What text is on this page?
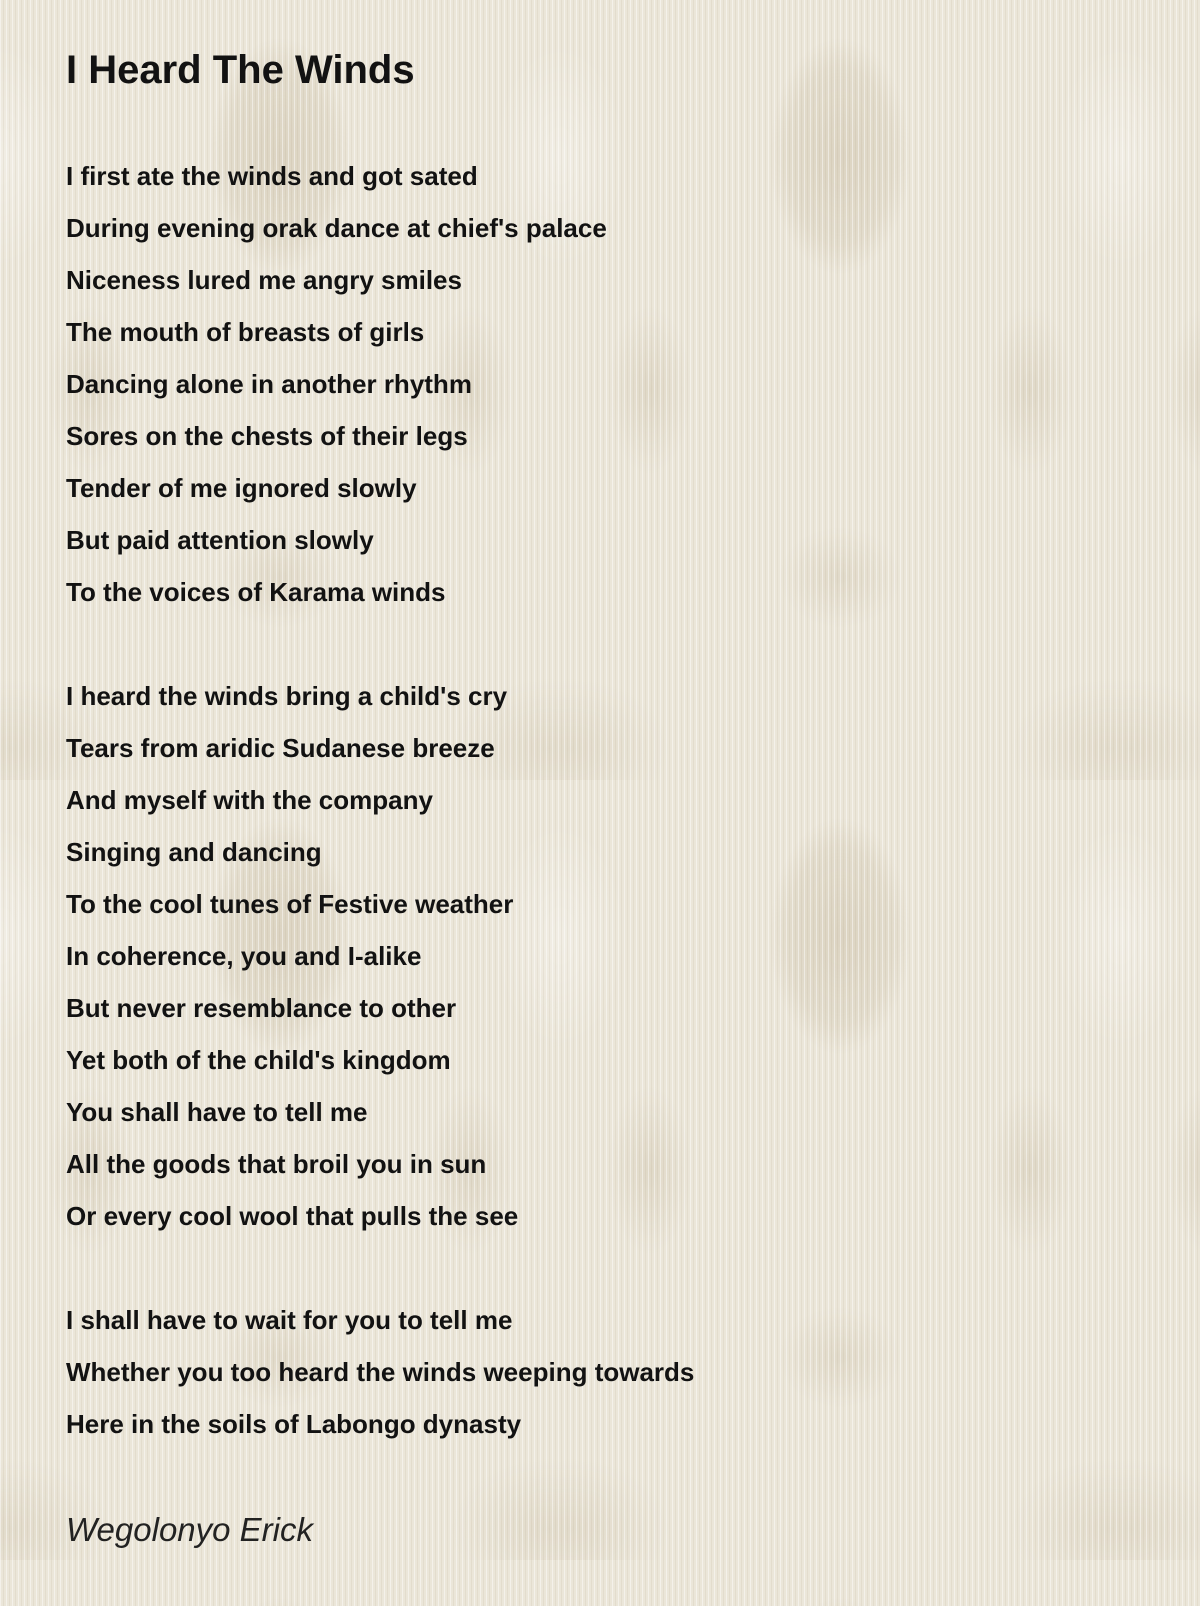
I Heard The Winds

I first ate the winds and got sated

During evening orak dance at chief's palace

Niceness lured me angry smiles

The mouth of breasts of girls

Dancing alone in another rhythm

Sores on the chests of their legs

Tender of me ignored slowly

But paid attention slowly

To the voices of Karama winds

I heard the winds bring a child's cry

Tears from aridic Sudanese breeze

And myself with the company

Singing and dancing

To the cool tunes of Festive weather

In coherence, you and I-alike

But never resemblance to other

Yet both of the child's kingdom

You shall have to tell me

All the goods that broil you in sun

Or every cool wool that pulls the see

I shall have to wait for you to tell me

Whether you too heard the winds weeping towards

Here in the soils of Labongo dynasty

Wegolonyo Erick
